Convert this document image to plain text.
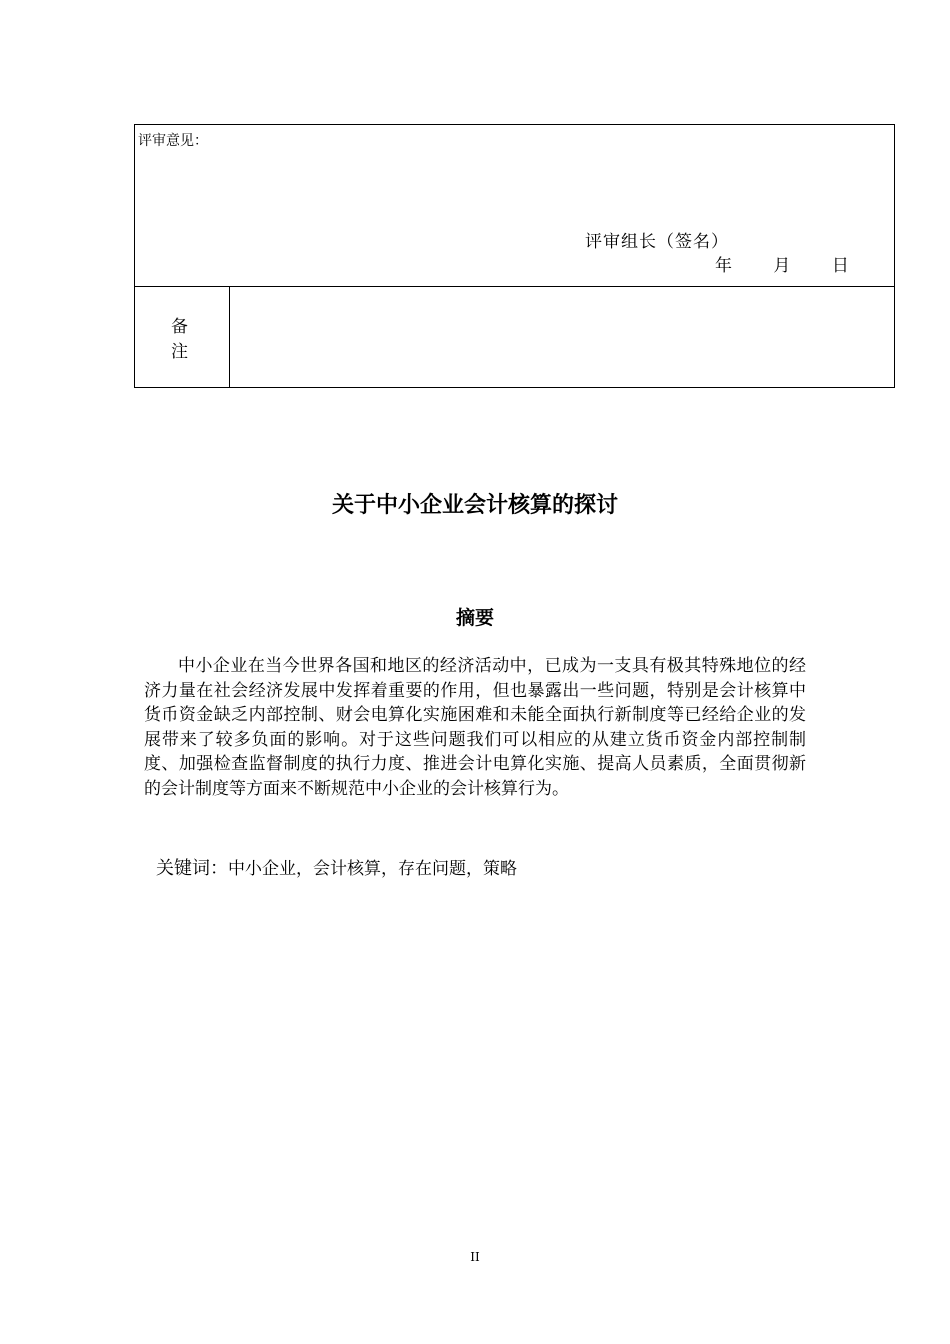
评审意见：
评审组长（签名）
年 月 日
备
注
关于中小企业会计核算的探讨
摘要

中小企业在当今世界各国和地区的经济活动中，已成为一支具有极其特殊地位的经济力量在社会经济发展中发挥着重要的作用，但也暴露出一些问题，特别是会计核算中货币资金缺乏内部控制、财会电算化实施困难和未能全面执行新制度等已经给企业的发展带来了较多负面的影响。对于这些问题我们可以相应的从建立货币资金内部控制制度、加强检查监督制度的执行力度、推进会计电算化实施、提高人员素质，全面贯彻新的会计制度等方面来不断规范中小企业的会计核算行为。

关键词：中小企业，会计核算，存在问题，策略
II
